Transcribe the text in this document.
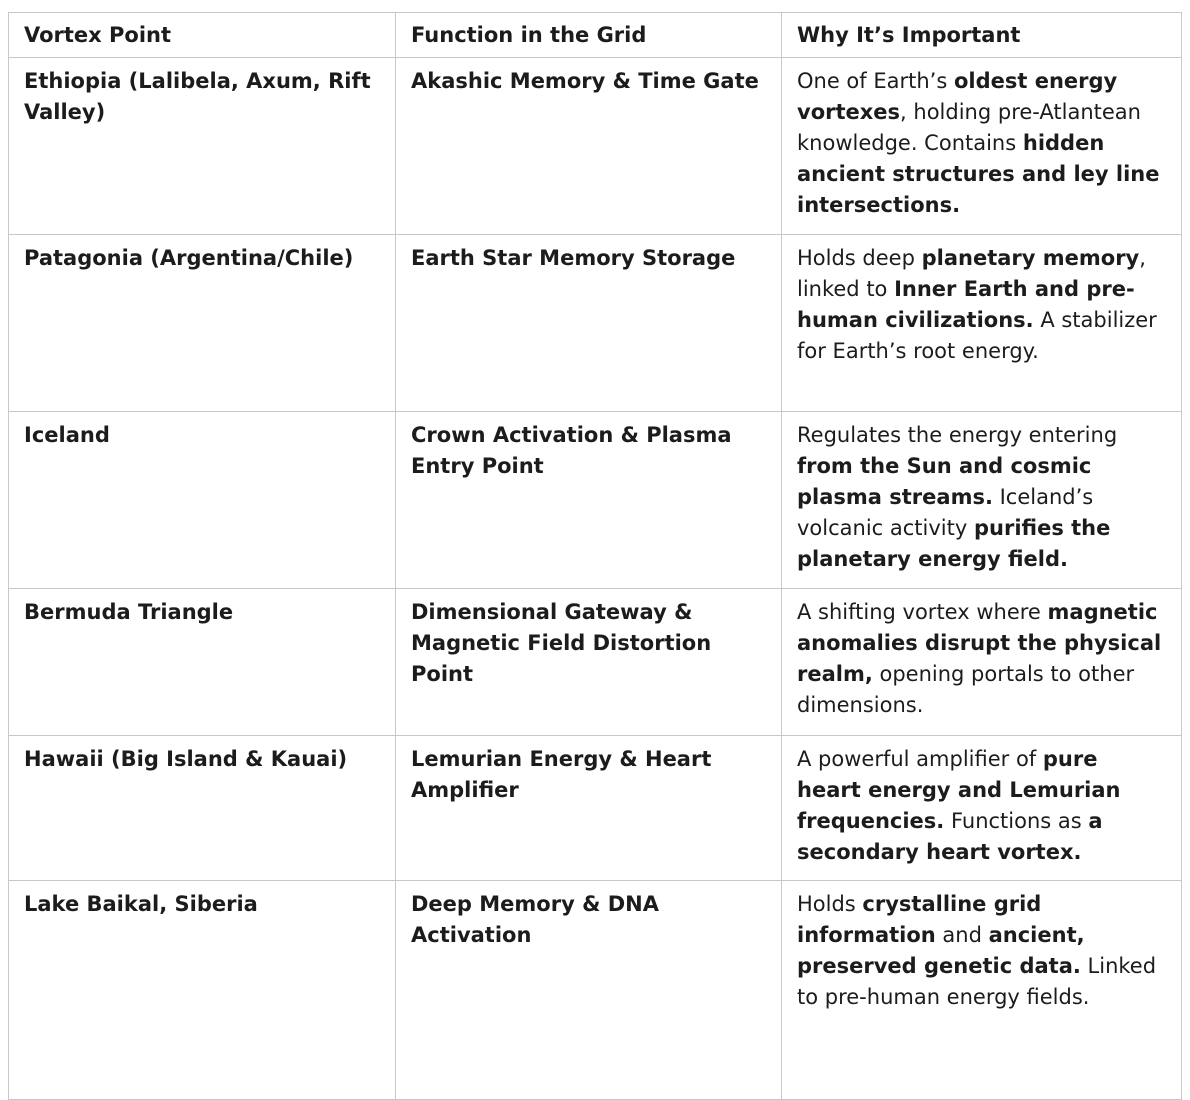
Vortex Point	Function in the Grid	Why It’s Important
Ethiopia (Lalibela, Axum, Rift Valley)	Akashic Memory & Time Gate	One of Earth’s oldest energy vortexes, holding pre-Atlantean knowledge. Contains hidden ancient structures and ley line intersections.
Patagonia (Argentina/Chile)	Earth Star Memory Storage	Holds deep planetary memory, linked to Inner Earth and pre-human civilizations. A stabilizer for Earth’s root energy.
Iceland	Crown Activation & Plasma Entry Point	Regulates the energy entering from the Sun and cosmic plasma streams. Iceland’s volcanic activity purifies the planetary energy field.
Bermuda Triangle	Dimensional Gateway & Magnetic Field Distortion Point	A shifting vortex where magnetic anomalies disrupt the physical realm, opening portals to other dimensions.
Hawaii (Big Island & Kauai)	Lemurian Energy & Heart Amplifier	A powerful amplifier of pure heart energy and Lemurian frequencies. Functions as a secondary heart vortex.
Lake Baikal, Siberia	Deep Memory & DNA Activation	Holds crystalline grid information and ancient, preserved genetic data. Linked to pre-human energy fields.
